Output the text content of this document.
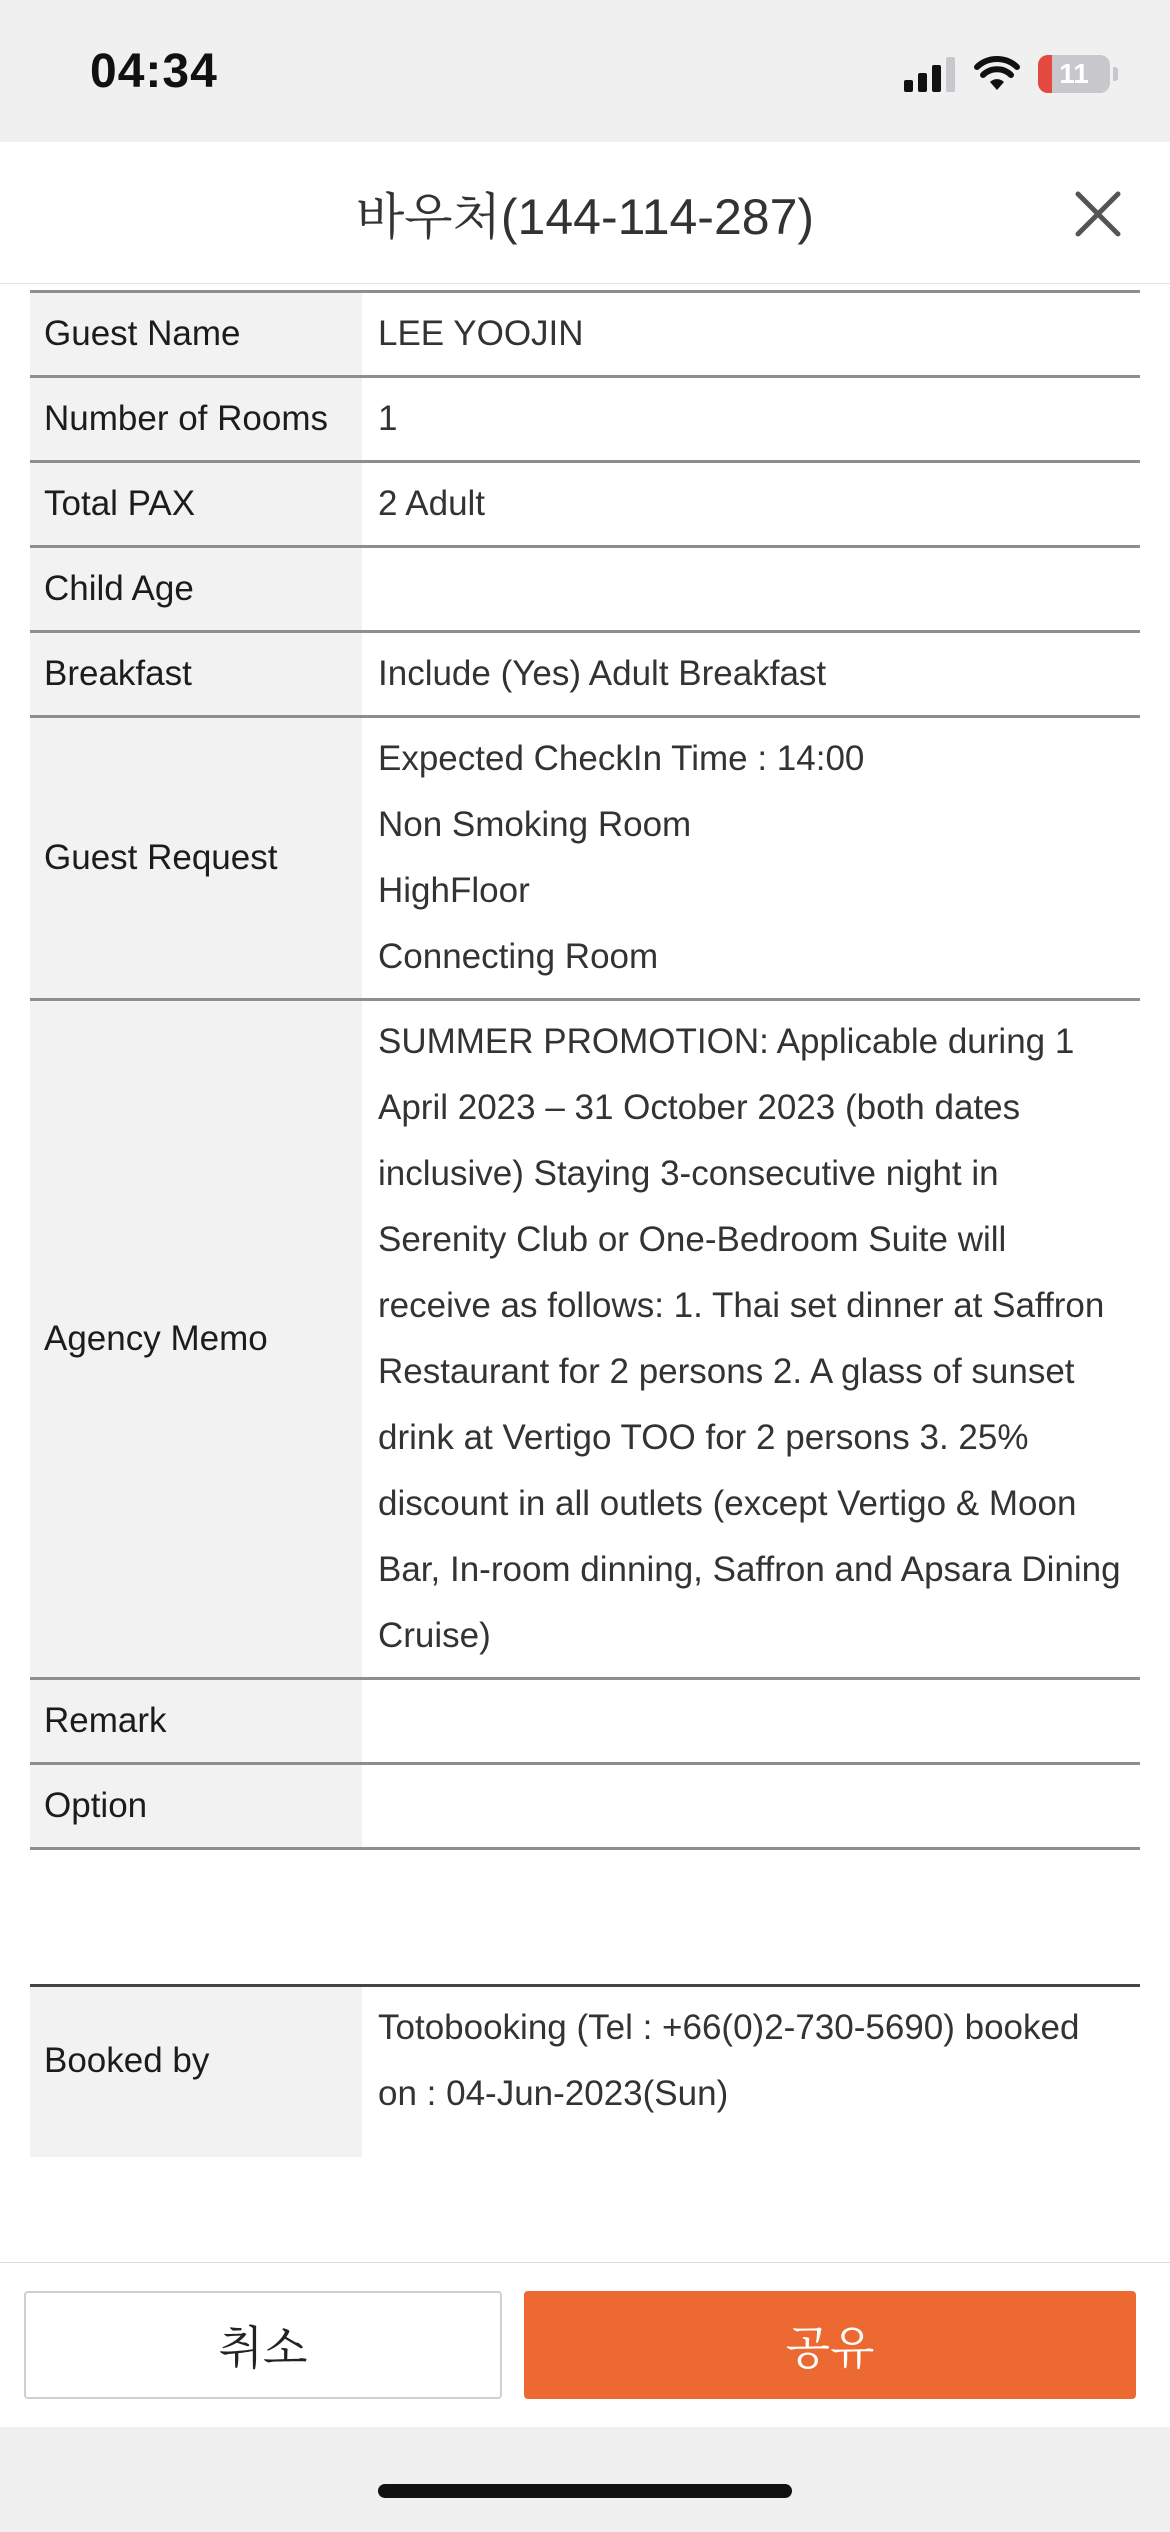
04:34	11
바우처(144-114-287)
Guest Name	LEE YOOJIN

Number of Rooms	1

Total PAX	2 Adult

Child Age	

Breakfast	Include (Yes) Adult Breakfast

Guest Request	Expected CheckIn Time : 14:00
Non Smoking Room
HighFloor
Connecting Room

Agency Memo	SUMMER PROMOTION: Applicable during 1 April 2023 – 31 October 2023 (both dates inclusive) Staying 3-consecutive night in Serenity Club or One-Bedroom Suite will receive as follows: 1. Thai set dinner at Saffron Restaurant for 2 persons 2. A glass of sunset drink at Vertigo TOO for 2 persons 3. 25% discount in all outlets (except Vertigo & Moon Bar, In-room dinning, Saffron and Apsara Dining Cruise)

Remark	

Option	

Booked by	Totobooking (Tel : +66(0)2-730-5690) booked on : 04-Jun-2023(Sun)
취소	공유
